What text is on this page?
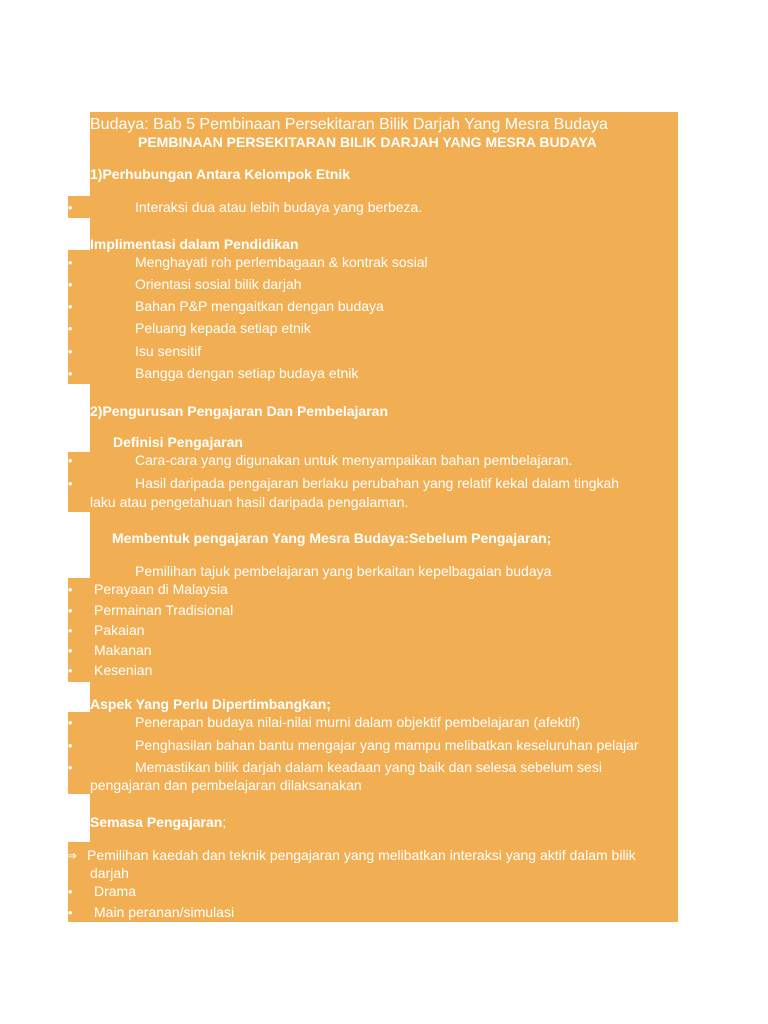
Budaya: Bab 5 Pembinaan Persekitaran Bilik Darjah Yang Mesra Budaya
PEMBINAAN PERSEKITARAN BILIK DARJAH YANG MESRA BUDAYA
1)Perhubungan Antara Kelompok Etnik
•	Interaksi dua atau lebih budaya yang berbeza.
Implimentasi dalam Pendidikan
•	Menghayati roh perlembagaan & kontrak sosial
•	Orientasi sosial bilik darjah
•	Bahan P&P mengaitkan dengan budaya
•	Peluang kepada setiap etnik
•	Isu sensitif
•	Bangga dengan setiap budaya etnik
2)Pengurusan Pengajaran Dan Pembelajaran
Definisi Pengajaran
•	Cara-cara yang digunakan untuk menyampaikan bahan pembelajaran.
•	Hasil daripada pengajaran berlaku perubahan yang relatif kekal dalam tingkah
laku atau pengetahuan hasil daripada pengalaman.
Membentuk pengajaran Yang Mesra Budaya:Sebelum Pengajaran;
Pemilihan tajuk pembelajaran yang berkaitan kepelbagaian budaya
• Perayaan di Malaysia
• Permainan Tradisional
• Pakaian
• Makanan
• Kesenian
Aspek Yang Perlu Dipertimbangkan;
•	Penerapan budaya nilai-nilai murni dalam objektif pembelajaran (afektif)
•	Penghasilan bahan bantu mengajar yang mampu melibatkan keseluruhan pelajar
•	Memastikan bilik darjah dalam keadaan yang baik dan selesa sebelum sesi
pengajaran dan pembelajaran dilaksanakan
Semasa Pengajaran;
⇒ Pemilihan kaedah dan teknik pengajaran yang melibatkan interaksi yang aktif dalam bilik
darjah
• Drama
• Main peranan/simulasi
